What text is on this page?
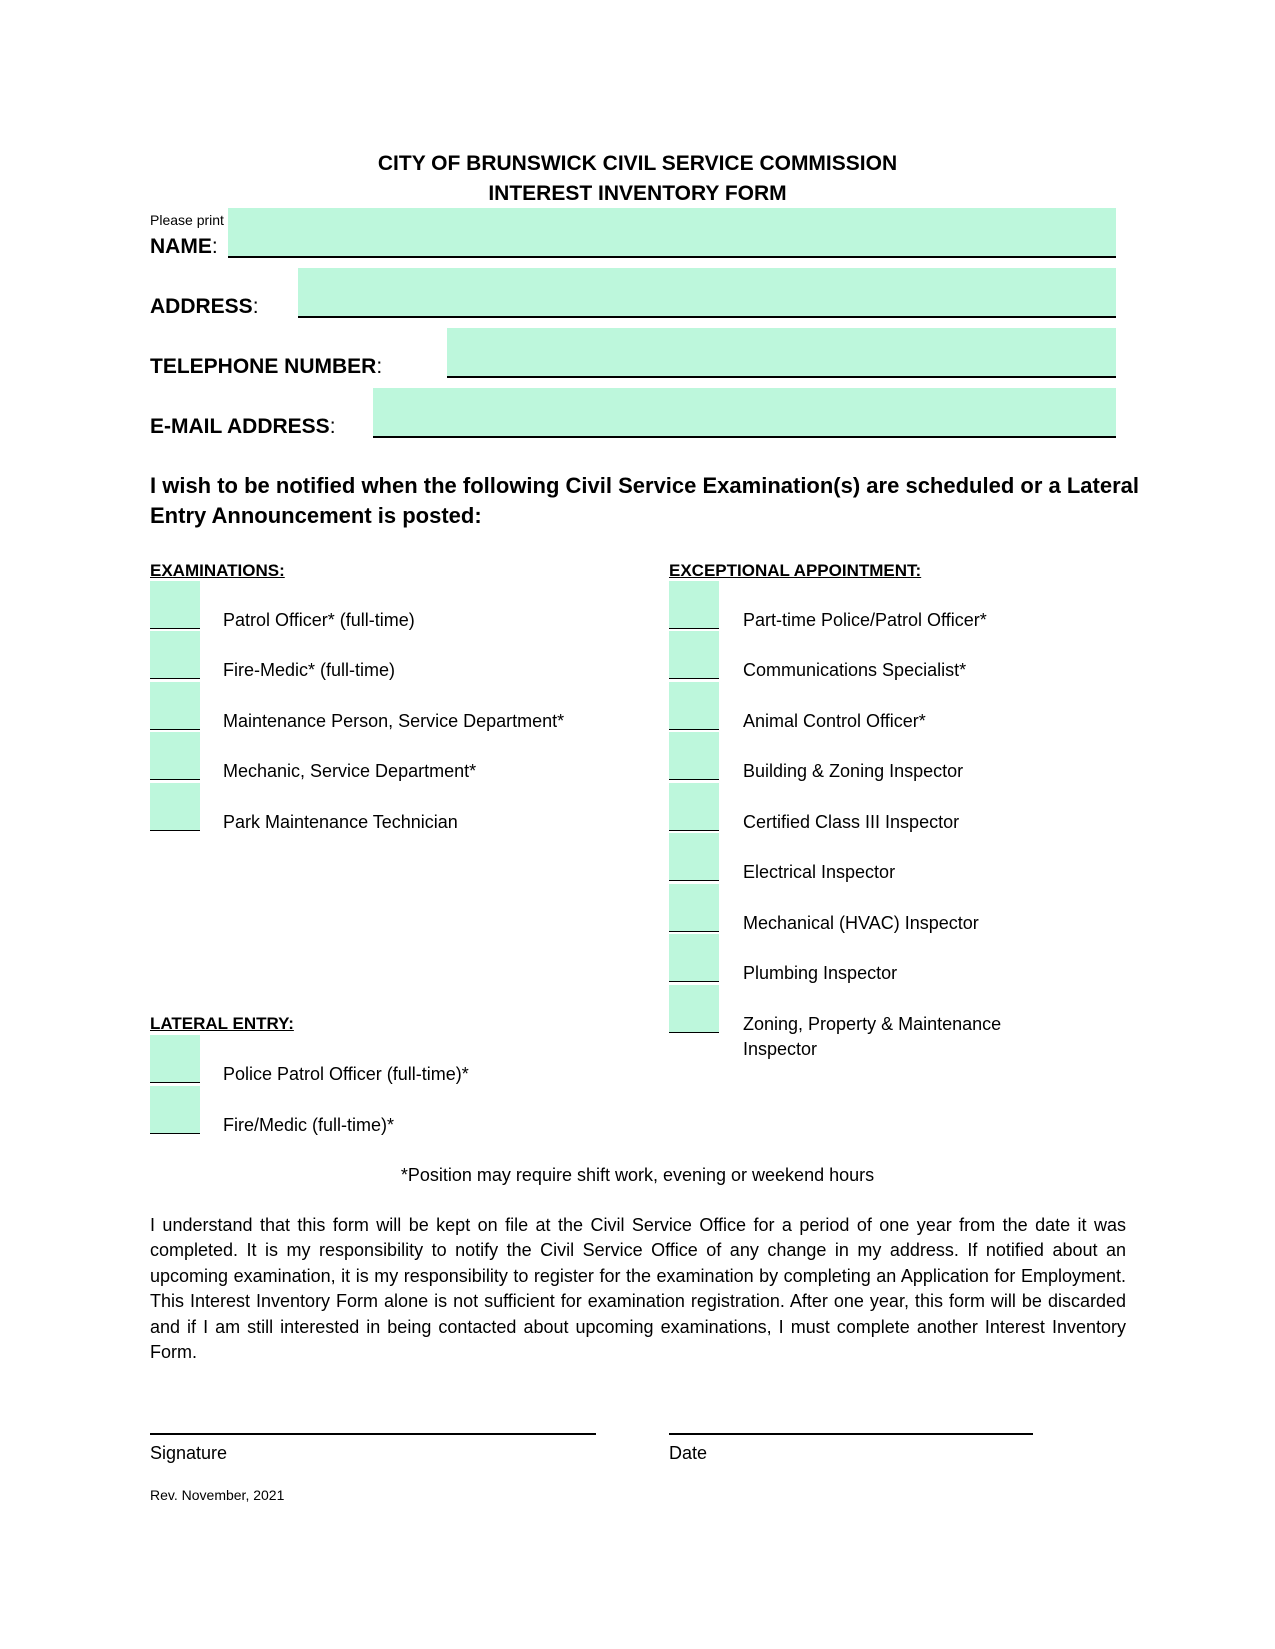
CITY OF BRUNSWICK CIVIL SERVICE COMMISSION
INTEREST INVENTORY FORM
Please print
NAME:
ADDRESS:
TELEPHONE NUMBER:
E-MAIL ADDRESS:
I wish to be notified when the following Civil Service Examination(s) are scheduled or a Lateral Entry Announcement is posted:
EXAMINATIONS:
Patrol Officer* (full-time)
Fire-Medic* (full-time)
Maintenance Person, Service Department*
Mechanic, Service Department*
Park Maintenance Technician
EXCEPTIONAL APPOINTMENT:
Part-time Police/Patrol Officer*
Communications Specialist*
Animal Control Officer*
Building & Zoning Inspector
Certified Class III Inspector
Electrical Inspector
Mechanical (HVAC) Inspector
Plumbing Inspector
Zoning, Property & Maintenance
Inspector
LATERAL ENTRY:
Police Patrol Officer (full-time)*
Fire/Medic (full-time)*
*Position may require shift work, evening or weekend hours
I understand that this form will be kept on file at the Civil Service Office for a period of one year from the date it was completed. It is my responsibility to notify the Civil Service Office of any change in my address. If notified about an upcoming examination, it is my responsibility to register for the examination by completing an Application for Employment. This Interest Inventory Form alone is not sufficient for examination registration. After one year, this form will be discarded and if I am still interested in being contacted about upcoming examinations, I must complete another Interest Inventory Form.
Signature	Date
Rev. November, 2021
